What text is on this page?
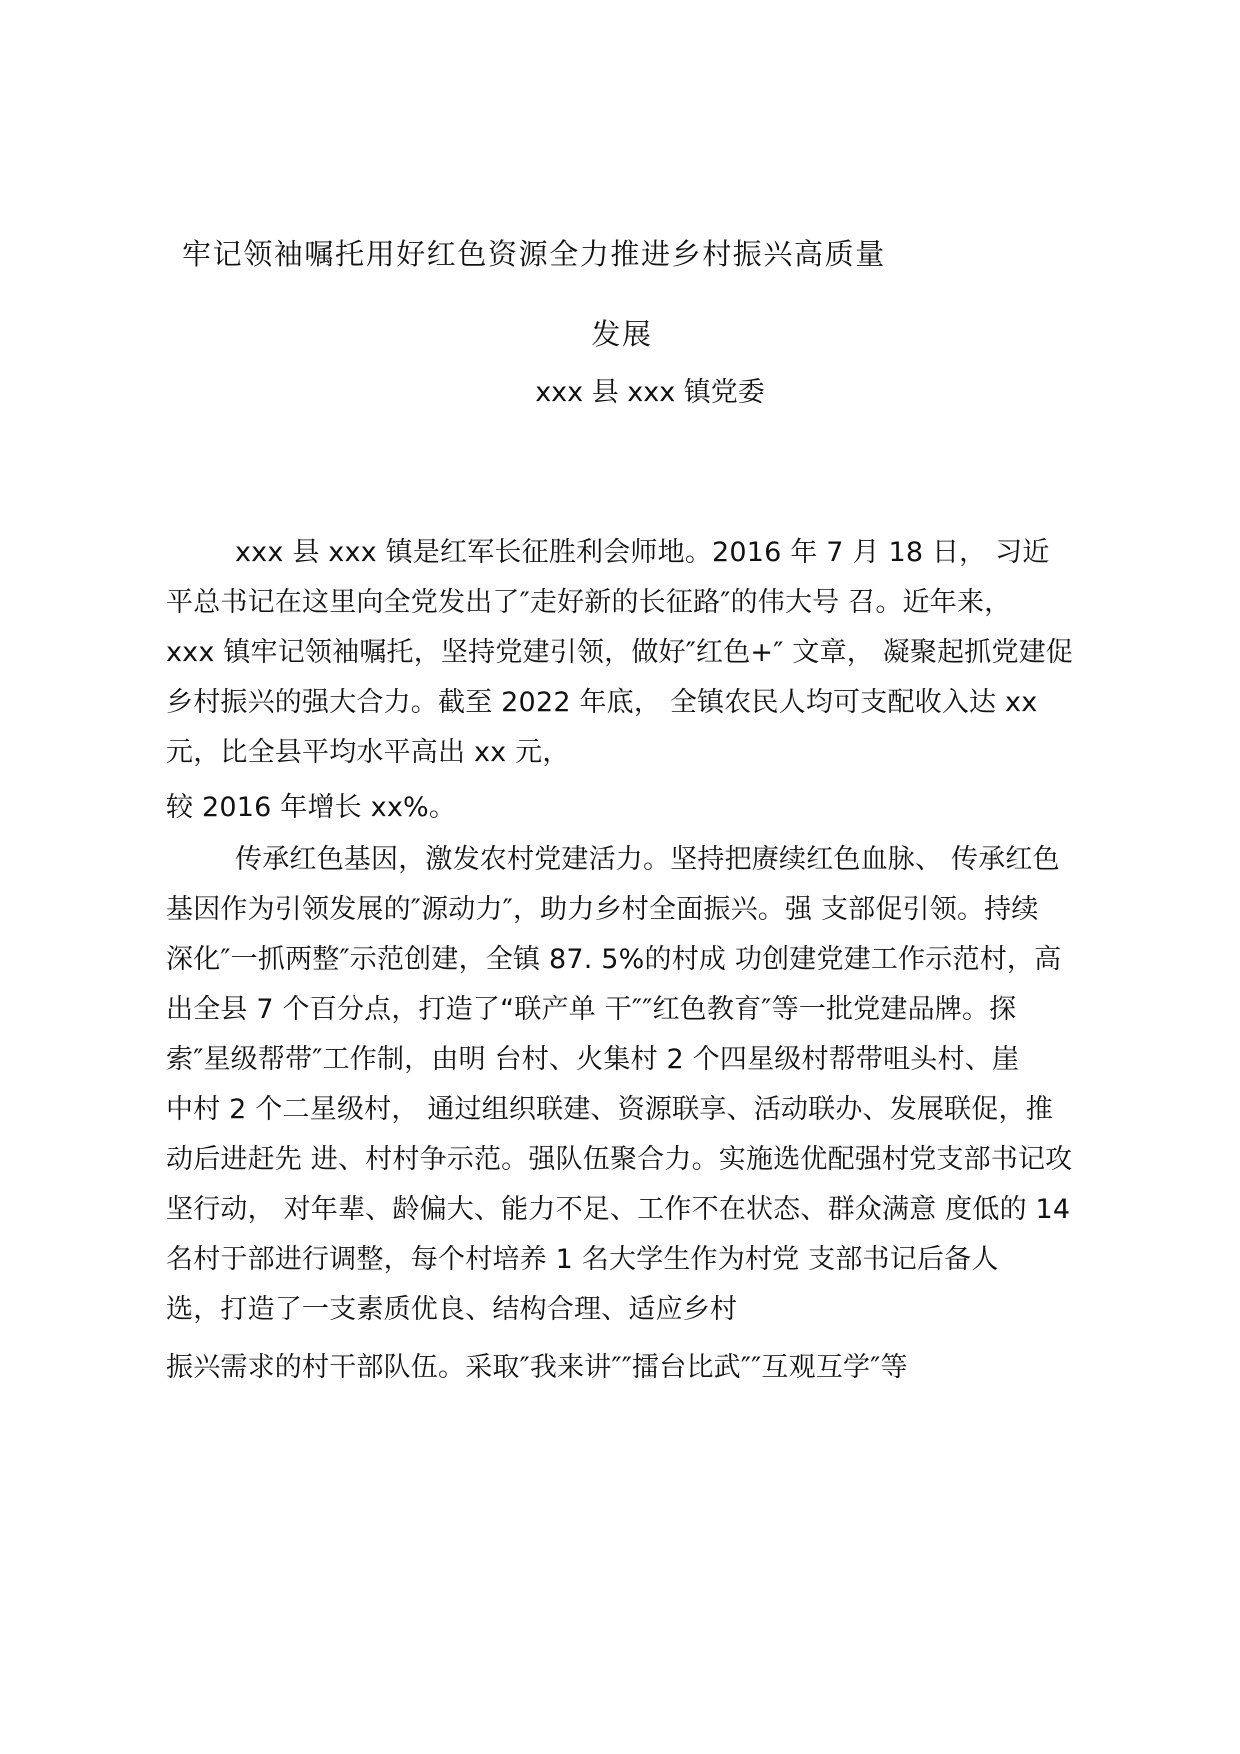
牢记领袖嘱托用好红色资源全力推进乡村振兴高质量
发展
xxx 县 xxx 镇党委
xxx 县 xxx 镇是红军长征胜利会师地。2016 年 7 月 18 日， 习近
平总书记在这里向全党发出了″走好新的长征路″的伟大号 召。近年来，
xxx 镇牢记领袖嘱托，坚持党建引领，做好″红色+″ 文章， 凝聚起抓党建促
乡村振兴的强大合力。截至 2022 年底， 全镇农民人均可支配收入达 xx
元，比全县平均水平高出 xx 元，
较 2016 年增长 xx%。
传承红色基因，激发农村党建活力。坚持把赓续红色血脉、 传承红色
基因作为引领发展的″源动力″，助力乡村全面振兴。强 支部促引领。持续
深化″一抓两整″示范创建，全镇 87. 5%的村成 功创建党建工作示范村，高
出全县 7 个百分点，打造了“联产单 干″″红色教育″等一批党建品牌。探
索″星级帮带″工作制，由明 台村、火集村 2 个四星级村帮带咀头村、崖
中村 2 个二星级村， 通过组织联建、资源联享、活动联办、发展联促，推
动后进赶先 进、村村争示范。强队伍聚合力。实施选优配强村党支部书记攻
坚行动， 对年辈、龄偏大、能力不足、工作不在状态、群众满意 度低的 14
名村于部进行调整，每个村培养 1 名大学生作为村党 支部书记后备人
选，打造了一支素质优良、结构合理、适应乡村
振兴需求的村干部队伍。采取″我来讲″″擂台比武″″互观互学″等
